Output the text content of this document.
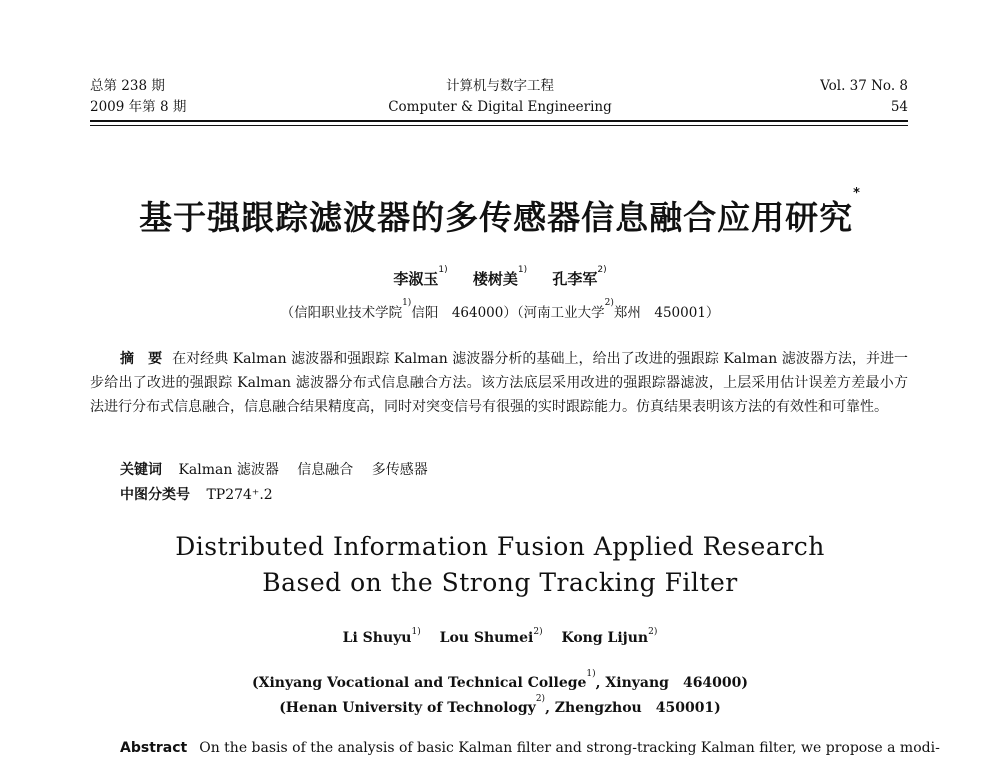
总第 238 期
2009 年第 8 期
计算机与数字工程
Computer & Digital Engineering
Vol. 37 No. 8
54
基于强跟踪滤波器的多传感器信息融合应用研究*
李淑玉$^{1)}$ 楼树美$^{1)}$ 孔李军$^{2)}$
（信阳职业技术学院$^{1)}$信阳　464000）（河南工业大学$^{2)}$郑州　450001）
摘　要 在对经典 Kalman 滤波器和强跟踪 Kalman 滤波器分析的基础上，给出了改进的强跟踪 Kalman 滤波器方法，并进一步给出了改进的强跟踪 Kalman 滤波器分布式信息融合方法。该方法底层采用改进的强跟踪器滤波，上层采用估计误差方差最小方法进行分布式信息融合，信息融合结果精度高，同时对突变信号有很强的实时跟踪能力。仿真结果表明该方法的有效性和可靠性。
关键词 Kalman 滤波器 信息融合 多传感器
中图分类号 TP274⁺.2
Distributed Information Fusion Applied Research
Based on the Strong Tracking Filter
Li Shuyu$^{1)}$ Lou Shumei$^{2)}$ Kong Lijun$^{2)}$
(Xinyang Vocational and Technical College$^{1)}$, Xinyang　464000)
(Henan University of Technology$^{2)}$, Zhengzhou　450001)
Abstract On the basis of the analysis of basic Kalman filter and strong-tracking Kalman filter, we propose a modi-
